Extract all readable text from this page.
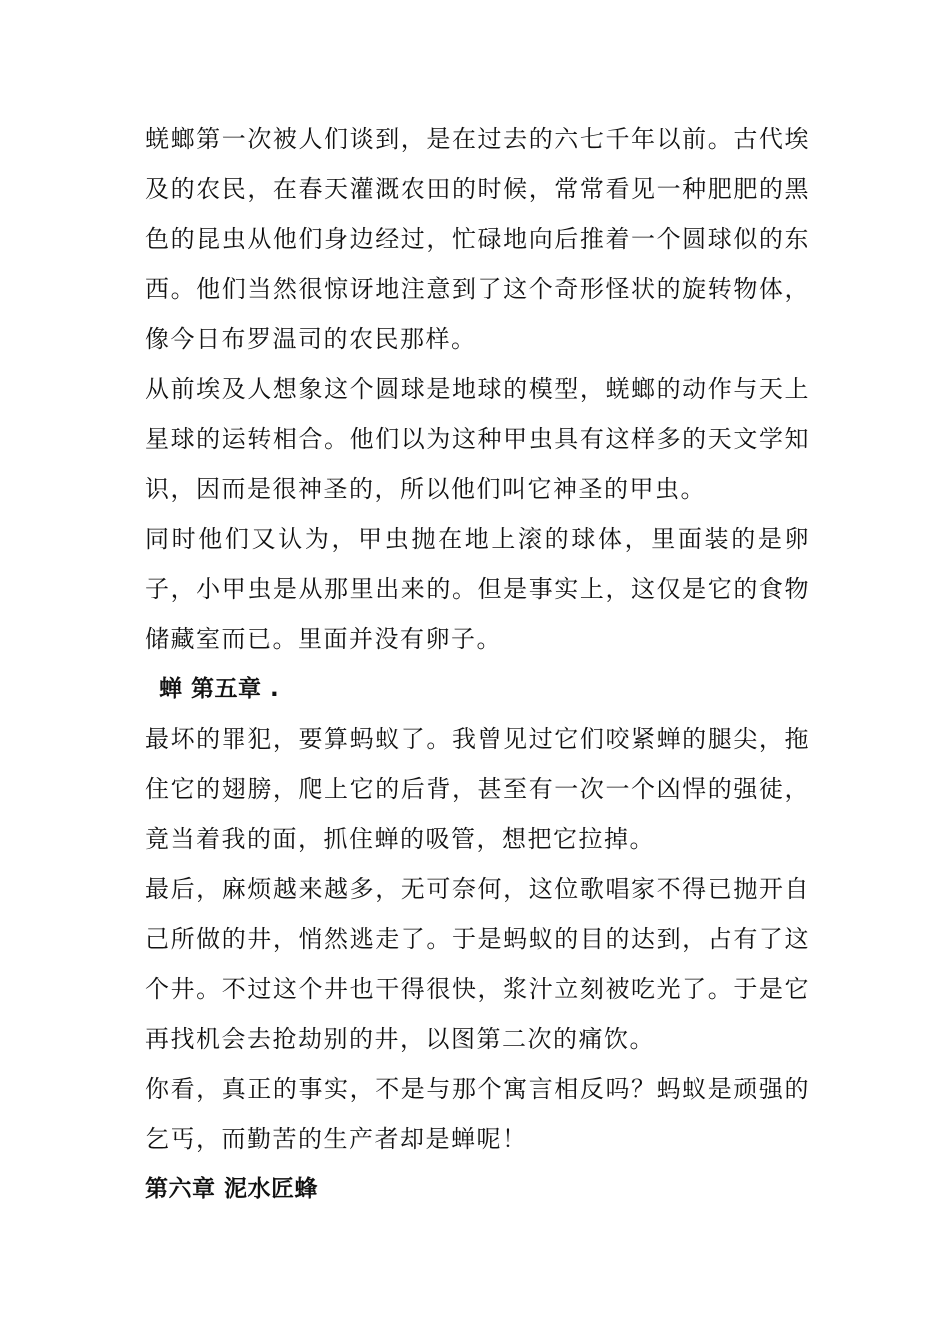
蜣螂第一次被人们谈到，是在过去的六七千年以前。古代埃及的农民，在春天灌溉农田的时候，常常看见一种肥肥的黑色的昆虫从他们身边经过，忙碌地向后推着一个圆球似的东西。他们当然很惊讶地注意到了这个奇形怪状的旋转物体，像今日布罗温司的农民那样。

从前埃及人想象这个圆球是地球的模型，蜣螂的动作与天上星球的运转相合。他们以为这种甲虫具有这样多的天文学知识，因而是很神圣的，所以他们叫它神圣的甲虫。

同时他们又认为，甲虫抛在地上滚的球体，里面装的是卵子，小甲虫是从那里出来的。但是事实上，这仅是它的食物储藏室而已。里面并没有卵子。

蝉 第五章 .

最坏的罪犯，要算蚂蚁了。我曾见过它们咬紧蝉的腿尖，拖住它的翅膀，爬上它的后背，甚至有一次一个凶悍的强徒，竟当着我的面，抓住蝉的吸管，想把它拉掉。

最后，麻烦越来越多，无可奈何，这位歌唱家不得已抛开自己所做的井，悄然逃走了。于是蚂蚁的目的达到，占有了这个井。不过这个井也干得很快，浆汁立刻被吃光了。于是它再找机会去抢劫别的井，以图第二次的痛饮。

你看，真正的事实，不是与那个寓言相反吗？蚂蚁是顽强的乞丐，而勤苦的生产者却是蝉呢！

第六章 泥水匠蜂
